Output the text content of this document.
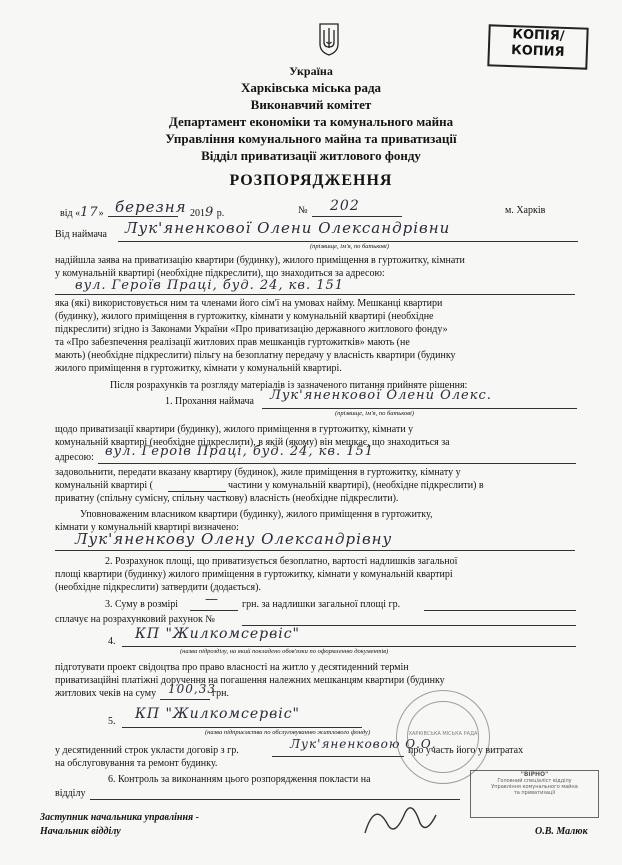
КОПІЯ/
КОПИЯ
Україна
Харківська міська рада
Виконавчий комітет
Департамент економіки та комунального майна
Управління комунального майна та приватизації
Відділ приватизації житлового фонду
РОЗПОРЯДЖЕННЯ
від «17» березня 2019 р.	№ 202	м. Харків
Від наймача Лук'яненкової Олени Олександрівни
(прізвище, ім'я, по батькові)
надійшла заява на приватизацію квартири (будинку), жилого приміщення в гуртожитку, кімнати
у комунальній квартирі (необхідне підкреслити), що знаходиться за адресою:
вул. Героїв Праці, буд. 24, кв. 151
яка (які) використовується ним та членами його сім'ї на умовах найму. Мешканці квартири
(будинку), жилого приміщення в гуртожитку, кімнати у комунальній квартирі (необхідне
підкреслити) згідно із Законами України «Про приватизацію державного житлового фонду»
та «Про забезпечення реалізації житлових прав мешканців гуртожитків» мають (не
мають) (необхідне підкреслити) пільгу на безоплатну передачу у власність квартири (будинку
жилого приміщення в гуртожитку, кімнати у комунальній квартирі.
Після розрахунків та розгляду матеріалів із зазначеного питання прийняте рішення:
1. Прохання наймача Лук'яненкової Олени Олекс.
(прізвище, ім'я, по батькові)
щодо приватизації квартири (будинку), жилого приміщення в гуртожитку, кімнати у
комунальній квартирі (необхідне підкреслити), в якій (якому) він мешкає, що знаходиться за
адресою: вул. Героїв Праці, буд. 24, кв. 151
задовольнити, передати вказану квартиру (будинок), жиле приміщення в гуртожитку, кімнату у
комунальній квартирі (	частини у комунальній квартирі), (необхідне підкреслити) в
приватну (спільну сумісну, спільну часткову) власність (необхідне підкреслити).
Уповноваженим власником квартири (будинку), жилого приміщення в гуртожитку,
кімнати у комунальній квартирі визначено:
Лук'яненкову Олену Олександрівну
2. Розрахунок площі, що приватизується безоплатно, вартості надлишків загальної
площі квартири (будинку) жилого приміщення в гуртожитку, кімнати у комунальній квартирі
(необхідне підкреслити) затвердити (додається).
3. Суму в розмірі — грн. за надлишки загальної площі гр.
сплачує на розрахунковий рахунок №
4. КП "Жилкомсервіс"
(назва підрозділу, на який покладено обов'язки по оформленню документів)
підготувати проект свідоцтва про право власності на житло у десятиденний термін
приватизаційні платіжні доручення на погашення належних мешканцям квартири (будинку
житлових чеків на суму 100,33
грн.
5. КП "Жилкомсервіс"
(назва підприємства по обслуговуванню житлового фонду)
у десятиденний строк укласти договір з гр.	Лук'яненковою О.О.
про участь його у витратах
на обслуговування та ремонт будинку.
6. Контроль за виконанням цього розпорядження покласти на
відділу
Заступник начальника управління -
Начальник відділу	О.В. Малюк
ХАРКІВСЬКА МІСЬКА РАДА
"ВІРНО"
Головний спеціаліст відділу
Управління комунального майна
та приватизації
